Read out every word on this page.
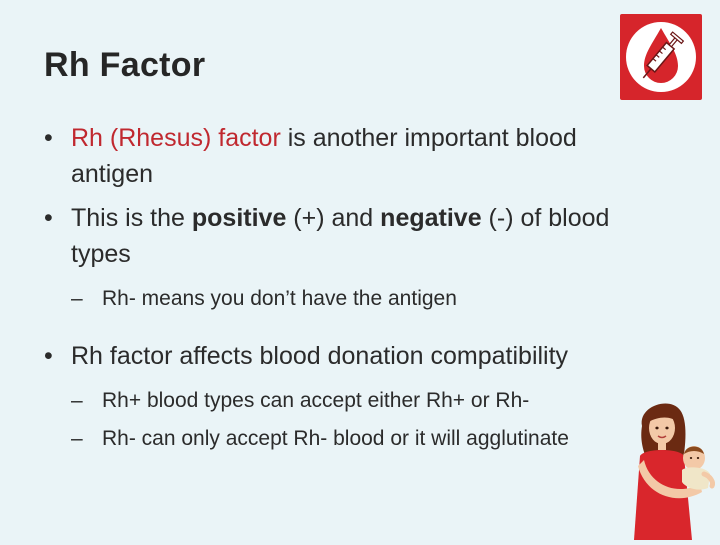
Rh Factor
• Rh (Rhesus) factor is another important blood antigen
• This is the positive (+) and negative (-) of blood types
– Rh- means you don’t have the antigen
• Rh factor affects blood donation compatibility
– Rh+ blood types can accept either Rh+ or Rh-
– Rh- can only accept Rh- blood or it will agglutinate
